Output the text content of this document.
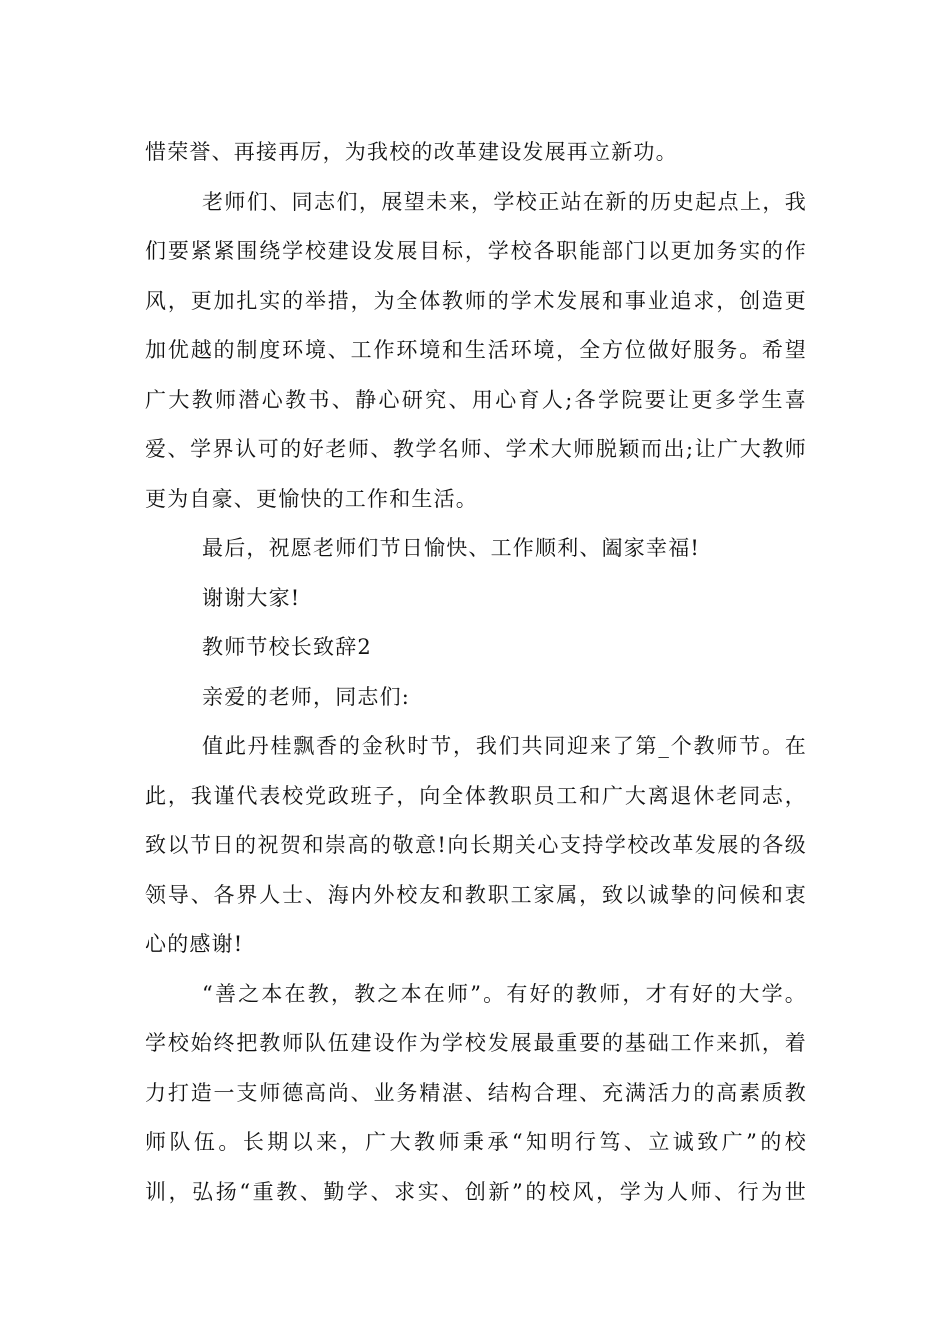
惜荣誉、再接再厉，为我校的改革建设发展再立新功。
老师们、同志们，展望未来，学校正站在新的历史起点上，我
们要紧紧围绕学校建设发展目标，学校各职能部门以更加务实的作
风，更加扎实的举措，为全体教师的学术发展和事业追求，创造更
加优越的制度环境、工作环境和生活环境，全方位做好服务。希望
广大教师潜心教书、静心研究、用心育人;各学院要让更多学生喜
爱、学界认可的好老师、教学名师、学术大师脱颖而出;让广大教师
更为自豪、更愉快的工作和生活。
最后，祝愿老师们节日愉快、工作顺利、阖家幸福!
谢谢大家!
教师节校长致辞2
亲爱的老师，同志们:
值此丹桂飘香的金秋时节，我们共同迎来了第_个教师节。在
此，我谨代表校党政班子，向全体教职员工和广大离退休老同志，
致以节日的祝贺和崇高的敬意!向长期关心支持学校改革发展的各级
领导、各界人士、海内外校友和教职工家属，致以诚挚的问候和衷
心的感谢!
“善之本在教，教之本在师”。有好的教师，才有好的大学。
学校始终把教师队伍建设作为学校发展最重要的基础工作来抓，着
力打造一支师德高尚、业务精湛、结构合理、充满活力的高素质教
师队伍。长期以来，广大教师秉承“知明行笃、立诚致广”的校
训，弘扬“重教、勤学、求实、创新”的校风，学为人师、行为世
